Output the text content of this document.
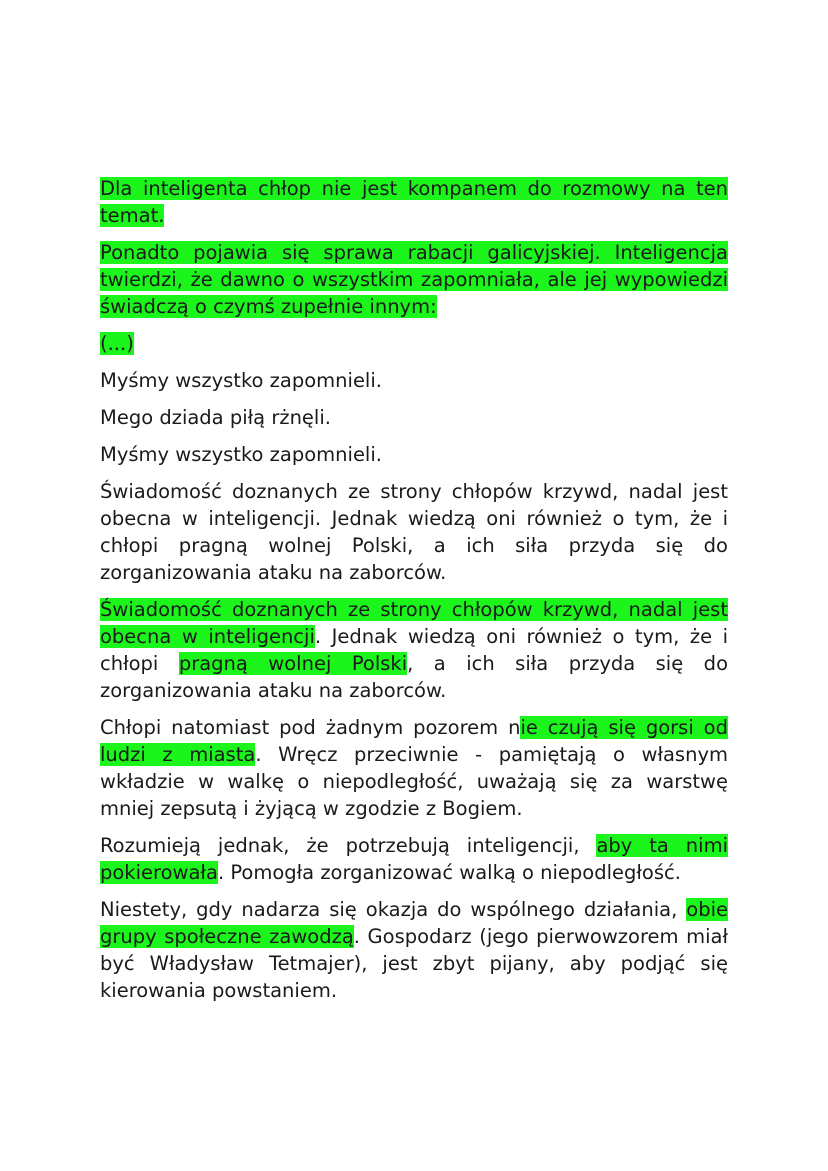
Dla inteligenta chłop nie jest kompanem do rozmowy na ten temat.

Ponadto pojawia się sprawa rabacji galicyjskiej. Inteligencja twierdzi, że dawno o wszystkim zapomniała, ale jej wypowiedzi świadczą o czymś zupełnie innym:

(...)

Myśmy wszystko zapomnieli.

Mego dziada piłą rżnęli.

Myśmy wszystko zapomnieli.

Świadomość doznanych ze strony chłopów krzywd, nadal jest obecna w inteligencji. Jednak wiedzą oni również o tym, że i chłopi pragną wolnej Polski, a ich siła przyda się do zorganizowania ataku na zaborców.

Świadomość doznanych ze strony chłopów krzywd, nadal jest obecna w inteligencji. Jednak wiedzą oni również o tym, że i chłopi pragną wolnej Polski, a ich siła przyda się do zorganizowania ataku na zaborców.

Chłopi natomiast pod żadnym pozorem nie czują się gorsi od ludzi z miasta. Wręcz przeciwnie - pamiętają o własnym wkładzie w walkę o niepodległość, uważają się za warstwę mniej zepsutą i żyjącą w zgodzie z Bogiem.

Rozumieją jednak, że potrzebują inteligencji, aby ta nimi pokierowała. Pomogła zorganizować walką o niepodległość.

Niestety, gdy nadarza się okazja do wspólnego działania, obie grupy społeczne zawodzą. Gospodarz (jego pierwowzorem miał być Władysław Tetmajer), jest zbyt pijany, aby podjąć się kierowania powstaniem.
